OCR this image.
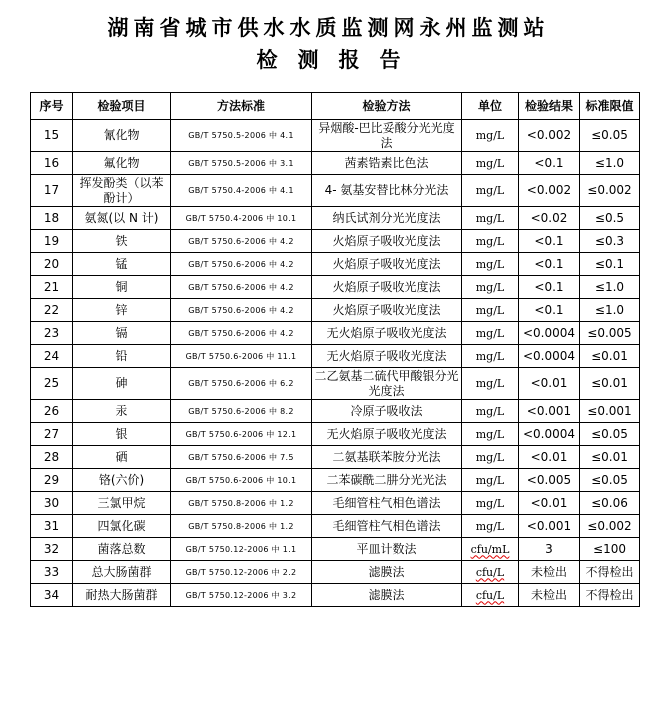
湖南省城市供水水质监测网永州监测站
检测报告
序号	检验项目	方法标准	检验方法	单位	检验结果	标准限值
15	氰化物	GB/T 5750.5-2006 中 4.1	异烟酸-巴比妥酸分光光度法	mg/L	<0.002	≤0.05
16	氟化物	GB/T 5750.5-2006 中 3.1	茜素锆素比色法	mg/L	<0.1	≤1.0
17	挥发酚类（以苯酚计）	GB/T 5750.4-2006 中 4.1	4- 氨基安替比林分光法	mg/L	<0.002	≤0.002
18	氨氮(以 N 计)	GB/T 5750.4-2006 中 10.1	纳氏试剂分光光度法	mg/L	<0.02	≤0.5
19	铁	GB/T 5750.6-2006 中 4.2	火焰原子吸收光度法	mg/L	<0.1	≤0.3
20	锰	GB/T 5750.6-2006 中 4.2	火焰原子吸收光度法	mg/L	<0.1	≤0.1
21	铜	GB/T 5750.6-2006 中 4.2	火焰原子吸收光度法	mg/L	<0.1	≤1.0
22	锌	GB/T 5750.6-2006 中 4.2	火焰原子吸收光度法	mg/L	<0.1	≤1.0
23	镉	GB/T 5750.6-2006 中 4.2	无火焰原子吸收光度法	mg/L	<0.0004	≤0.005
24	铅	GB/T 5750.6-2006 中 11.1	无火焰原子吸收光度法	mg/L	<0.0004	≤0.01
25	砷	GB/T 5750.6-2006 中 6.2	二乙氨基二硫代甲酸银分光光度法	mg/L	<0.01	≤0.01
26	汞	GB/T 5750.6-2006 中 8.2	冷原子吸收法	mg/L	<0.001	≤0.001
27	银	GB/T 5750.6-2006 中 12.1	无火焰原子吸收光度法	mg/L	<0.0004	≤0.05
28	硒	GB/T 5750.6-2006 中 7.5	二氨基联苯胺分光法	mg/L	<0.01	≤0.01
29	铬(六价)	GB/T 5750.6-2006 中 10.1	二苯碳酰二肼分光光法	mg/L	<0.005	≤0.05
30	三氯甲烷	GB/T 5750.8-2006 中 1.2	毛细管柱气相色谱法	mg/L	<0.01	≤0.06
31	四氯化碳	GB/T 5750.8-2006 中 1.2	毛细管柱气相色谱法	mg/L	<0.001	≤0.002
32	菌落总数	GB/T 5750.12-2006 中 1.1	平皿计数法	cfu/mL	3	≤100
33	总大肠菌群	GB/T 5750.12-2006 中 2.2	滤膜法	cfu/L	未检出	不得检出
34	耐热大肠菌群	GB/T 5750.12-2006 中 3.2	滤膜法	cfu/L	未检出	不得检出
